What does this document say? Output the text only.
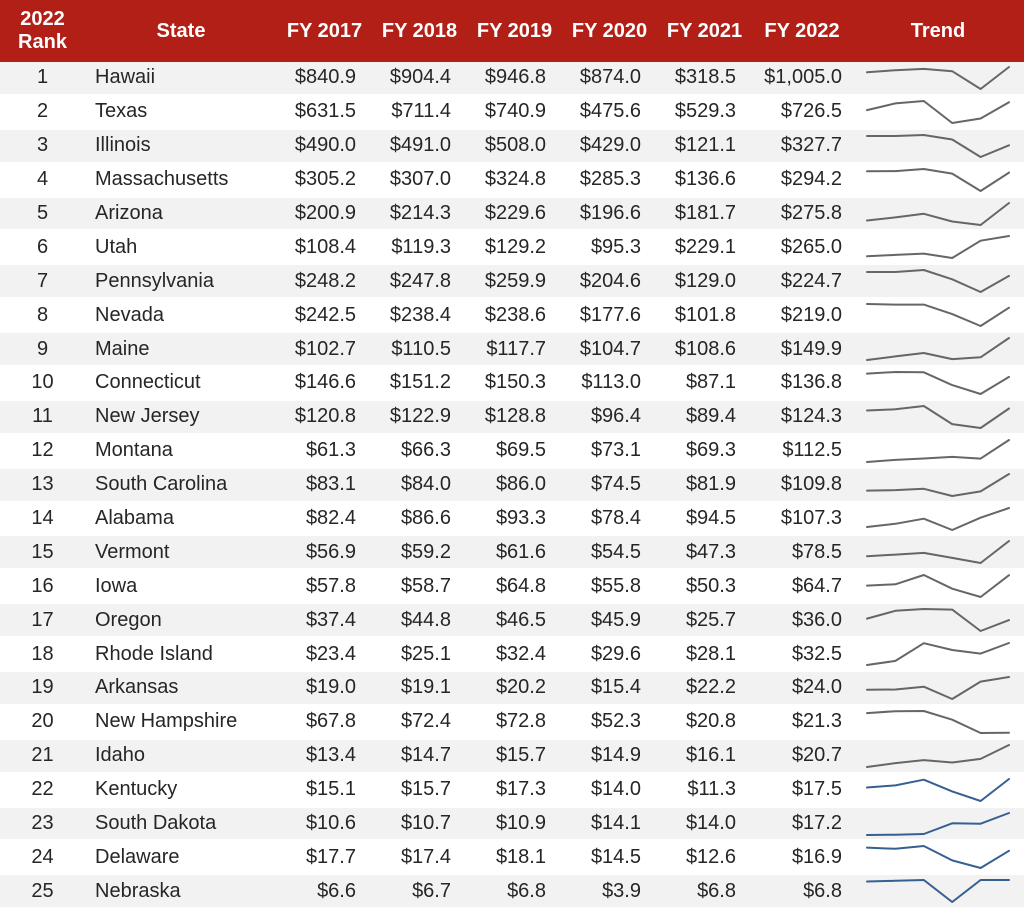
2022
Rank	State	FY 2017	FY 2018	FY 2019	FY 2020	FY 2021	FY 2022	Trend
1	Hawaii	$840.9	$904.4	$946.8	$874.0	$318.5	$1,005.0	
2	Texas	$631.5	$711.4	$740.9	$475.6	$529.3	$726.5	
3	Illinois	$490.0	$491.0	$508.0	$429.0	$121.1	$327.7	
4	Massachusetts	$305.2	$307.0	$324.8	$285.3	$136.6	$294.2	
5	Arizona	$200.9	$214.3	$229.6	$196.6	$181.7	$275.8	
6	Utah	$108.4	$119.3	$129.2	$95.3	$229.1	$265.0	
7	Pennsylvania	$248.2	$247.8	$259.9	$204.6	$129.0	$224.7	
8	Nevada	$242.5	$238.4	$238.6	$177.6	$101.8	$219.0	
9	Maine	$102.7	$110.5	$117.7	$104.7	$108.6	$149.9	
10	Connecticut	$146.6	$151.2	$150.3	$113.0	$87.1	$136.8	
11	New Jersey	$120.8	$122.9	$128.8	$96.4	$89.4	$124.3	
12	Montana	$61.3	$66.3	$69.5	$73.1	$69.3	$112.5	
13	South Carolina	$83.1	$84.0	$86.0	$74.5	$81.9	$109.8	
14	Alabama	$82.4	$86.6	$93.3	$78.4	$94.5	$107.3	
15	Vermont	$56.9	$59.2	$61.6	$54.5	$47.3	$78.5	
16	Iowa	$57.8	$58.7	$64.8	$55.8	$50.3	$64.7	
17	Oregon	$37.4	$44.8	$46.5	$45.9	$25.7	$36.0	
18	Rhode Island	$23.4	$25.1	$32.4	$29.6	$28.1	$32.5	
19	Arkansas	$19.0	$19.1	$20.2	$15.4	$22.2	$24.0	
20	New Hampshire	$67.8	$72.4	$72.8	$52.3	$20.8	$21.3	
21	Idaho	$13.4	$14.7	$15.7	$14.9	$16.1	$20.7	
22	Kentucky	$15.1	$15.7	$17.3	$14.0	$11.3	$17.5	
23	South Dakota	$10.6	$10.7	$10.9	$14.1	$14.0	$17.2	
24	Delaware	$17.7	$17.4	$18.1	$14.5	$12.6	$16.9	
25	Nebraska	$6.6	$6.7	$6.8	$3.9	$6.8	$6.8	
